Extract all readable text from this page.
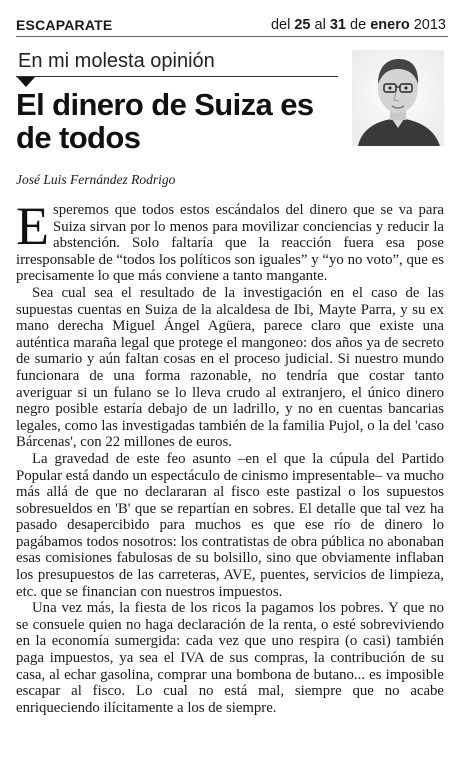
ESCAPARATE	del 25 al 31 de enero 2013
En mi molesta opinión
El dinero de Suiza es de todos
José Luis Fernández Rodrigo

Esperemos que todos estos escándalos del dinero que se va para Suiza sirvan por lo menos para movilizar conciencias y reducir la abstención. Solo faltaría que la reacción fuera esa pose irresponsable de “todos los políticos son iguales” y “yo no voto”, que es precisamente lo que más conviene a tanto mangante.

Sea cual sea el resultado de la investigación en el caso de las supuestas cuentas en Suiza de la alcaldesa de Ibi, Mayte Parra, y su ex mano derecha Miguel Ángel Agüera, parece claro que existe una auténtica maraña legal que protege el mangoneo: dos años ya de secreto de sumario y aún faltan cosas en el proceso judicial. Si nuestro mundo funcionara de una forma razonable, no tendría que costar tanto averiguar si un fulano se lo lleva crudo al extranjero, el único dinero negro posible estaría debajo de un ladrillo, y no en cuentas bancarias legales, como las investigadas también de la familia Pujol, o la del 'caso Bárcenas', con 22 millones de euros.

La gravedad de este feo asunto –en el que la cúpula del Partido Popular está dando un espectáculo de cinismo impresentable– va mucho más allá de que no declararan al fisco este pastizal o los supuestos sobresueldos en 'B' que se repartían en sobres. El detalle que tal vez ha pasado desapercibido para muchos es que ese río de dinero lo pagábamos todos nosotros: los contratistas de obra pública no abonaban esas comisiones fabulosas de su bolsillo, sino que obviamente inflaban los presupuestos de las carreteras, AVE, puentes, servicios de limpieza, etc. que se financian con nuestros impuestos.

Una vez más, la fiesta de los ricos la pagamos los pobres. Y que no se consuele quien no haga declaración de la renta, o esté sobreviviendo en la economía sumergida: cada vez que uno respira (o casi) también paga impuestos, ya sea el IVA de sus compras, la contribución de su casa, al echar gasolina, comprar una bombona de butano... es imposible escapar al fisco. Lo cual no está mal, siempre que no acabe enriqueciendo ilícitamente a los de siempre.
